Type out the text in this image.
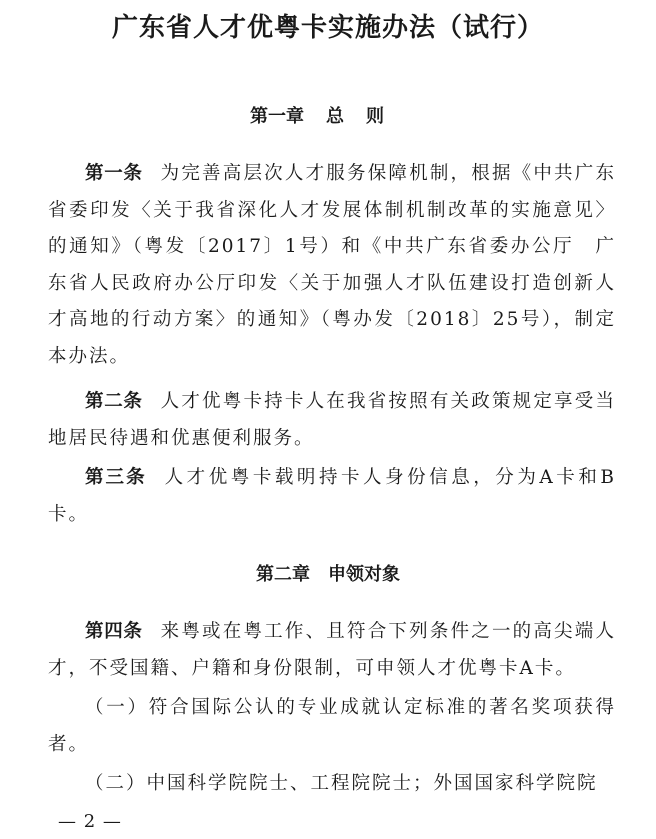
广东省人才优粤卡实施办法（试行）
第一章 总则

第一条 为完善高层次人才服务保障机制，根据《中共广东省委印发〈关于我省深化人才发展体制机制改革的实施意见〉的通知》（粤发〔2017〕1号）和《中共广东省委办公厅　广东省人民政府办公厅印发〈关于加强人才队伍建设打造创新人才高地的行动方案〉的通知》（粤办发〔2018〕25号），制定本办法。

第二条 人才优粤卡持卡人在我省按照有关政策规定享受当地居民待遇和优惠便利服务。

第三条 人才优粤卡载明持卡人身份信息，分为A卡和B卡。

第二章 申领对象

第四条 来粤或在粤工作、且符合下列条件之一的高尖端人才，不受国籍、户籍和身份限制，可申领人才优粤卡A卡。

（一）符合国际公认的专业成就认定标准的著名奖项获得者。

（二）中国科学院院士、工程院院士；外国国家科学院院

— 2 —
